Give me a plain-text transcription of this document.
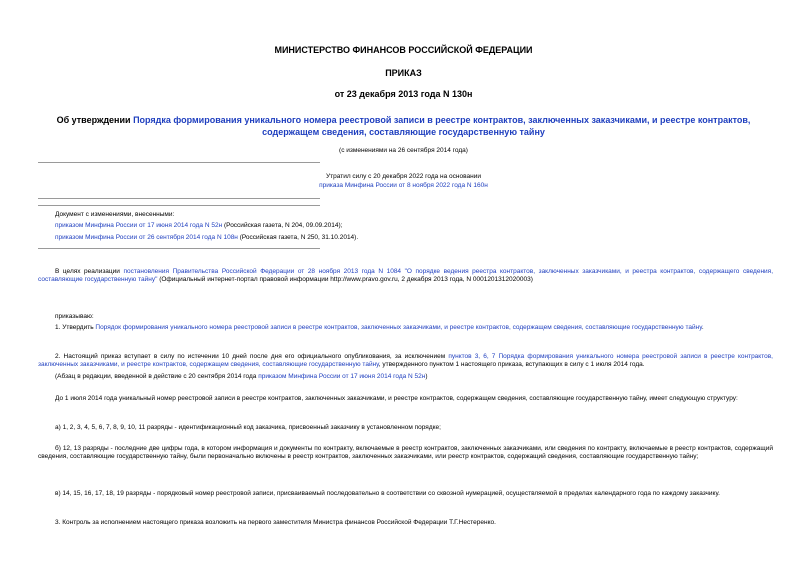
МИНИСТЕРСТВО ФИНАНСОВ РОССИЙСКОЙ ФЕДЕРАЦИИ
ПРИКАЗ
от 23 декабря 2013 года N 130н
Об утверждении Порядка формирования уникального номера реестровой записи в реестре контрактов, заключенных заказчиками, и реестре контрактов,
содержащем сведения, составляющие государственную тайну
(с изменениями на 26 сентября 2014 года)
Утратил силу с 20 декабря 2022 года на основании
приказа Минфина России от 8 ноября 2022 года N 160н
Документ с изменениями, внесенными:
приказом Минфина России от 17 июня 2014 года N 52н (Российская газета, N 204, 09.09.2014);
приказом Минфина России от 26 сентября 2014 года N 108н (Российская газета, N 250, 31.10.2014).
В целях реализации постановления Правительства Российской Федерации от 28 ноября 2013 года N 1084 "О порядке ведения реестра контрактов, заключенных заказчиками, и реестра контрактов, содержащего сведения, составляющие государственную тайну" (Официальный интернет-портал правовой информации http://www.pravo.gov.ru, 2 декабря 2013 года, N 0001201312020003)
приказываю:
1. Утвердить Порядок формирования уникального номера реестровой записи в реестре контрактов, заключенных заказчиками, и реестре контрактов, содержащем сведения, составляющие государственную тайну.
2. Настоящий приказ вступает в силу по истечении 10 дней после дня его официального опубликования, за исключением пунктов 3, 6, 7 Порядка формирования уникального номера реестровой записи в реестре контрактов, заключенных заказчиками, и реестре контрактов, содержащем сведения, составляющие государственную тайну, утвержденного пунктом 1 настоящего приказа, вступающих в силу с 1 июля 2014 года.
(Абзац в редакции, введенной в действие с 20 сентября 2014 года приказом Минфина России от 17 июня 2014 года N 52н)
До 1 июля 2014 года уникальный номер реестровой записи в реестре контрактов, заключенных заказчиками, и реестре контрактов, содержащем сведения, составляющие государственную тайну, имеет следующую структуру:
а) 1, 2, 3, 4, 5, 6, 7, 8, 9, 10, 11 разряды - идентификационный код заказчика, присвоенный заказчику в установленном порядке;
б) 12, 13 разряды - последние две цифры года, в котором информация и документы по контракту, включаемые в реестр контрактов, заключенных заказчиками, или сведения по контракту, включаемые в реестр контрактов, содержащий сведения, составляющие государственную тайну, были первоначально включены в реестр контрактов, заключенных заказчиками, или реестр контрактов, содержащий сведения, составляющие государственную тайну;
в) 14, 15, 16, 17, 18, 19 разряды - порядковый номер реестровой записи, присваиваемый последовательно в соответствии со сквозной нумерацией, осуществляемой в пределах календарного года по каждому заказчику.
3. Контроль за исполнением настоящего приказа возложить на первого заместителя Министра финансов Российской Федерации Т.Г.Нестеренко.
